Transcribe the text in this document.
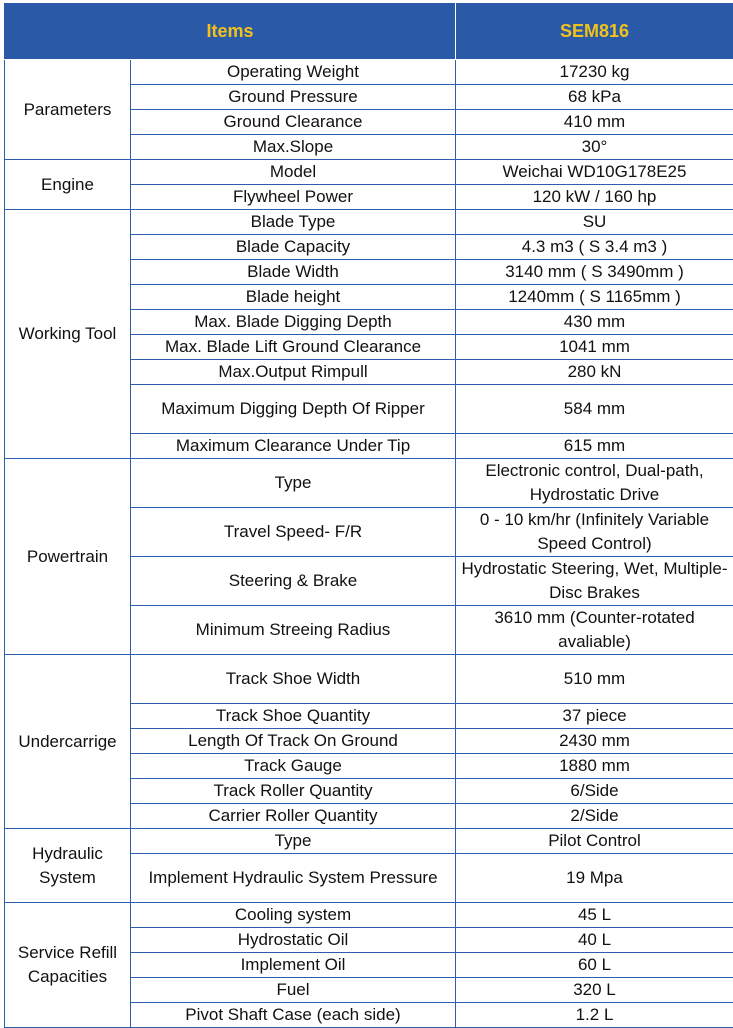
Items		SEM816
Parameters	Operating Weight	17230 kg
	Ground Pressure	68 kPa
	Ground Clearance	410 mm
	Max.Slope	30°
Engine	Model	Weichai WD10G178E25
	Flywheel Power	120 kW / 160 hp
Working Tool	Blade Type	SU
	Blade Capacity	4.3 m3 ( S 3.4 m3 )
	Blade Width	3140 mm ( S 3490mm )
	Blade height	1240mm ( S 1165mm )
	Max. Blade Digging Depth	430 mm
	Max. Blade Lift Ground Clearance	1041 mm
	Max.Output Rimpull	280 kN
	Maximum Digging Depth Of Ripper	584 mm
	Maximum Clearance Under Tip	615 mm
Powertrain	Type	Electronic control, Dual-path, Hydrostatic Drive
	Travel Speed- F/R	0 - 10 km/hr (Infinitely Variable Speed Control)
	Steering & Brake	Hydrostatic Steering, Wet, Multiple-Disc Brakes
	Minimum Streeing Radius	3610 mm (Counter-rotated avaliable)
Undercarrige	Track Shoe Width	510 mm
	Track Shoe Quantity	37 piece
	Length Of Track On Ground	2430 mm
	Track Gauge	1880 mm
	Track Roller Quantity	6/Side
	Carrier Roller Quantity	2/Side
Hydraulic System	Type	Pilot Control
	Implement Hydraulic System Pressure	19 Mpa
Service Refill Capacities	Cooling system	45 L
	Hydrostatic Oil	40 L
	Implement Oil	60 L
	Fuel	320 L
	Pivot Shaft Case (each side)	1.2 L
